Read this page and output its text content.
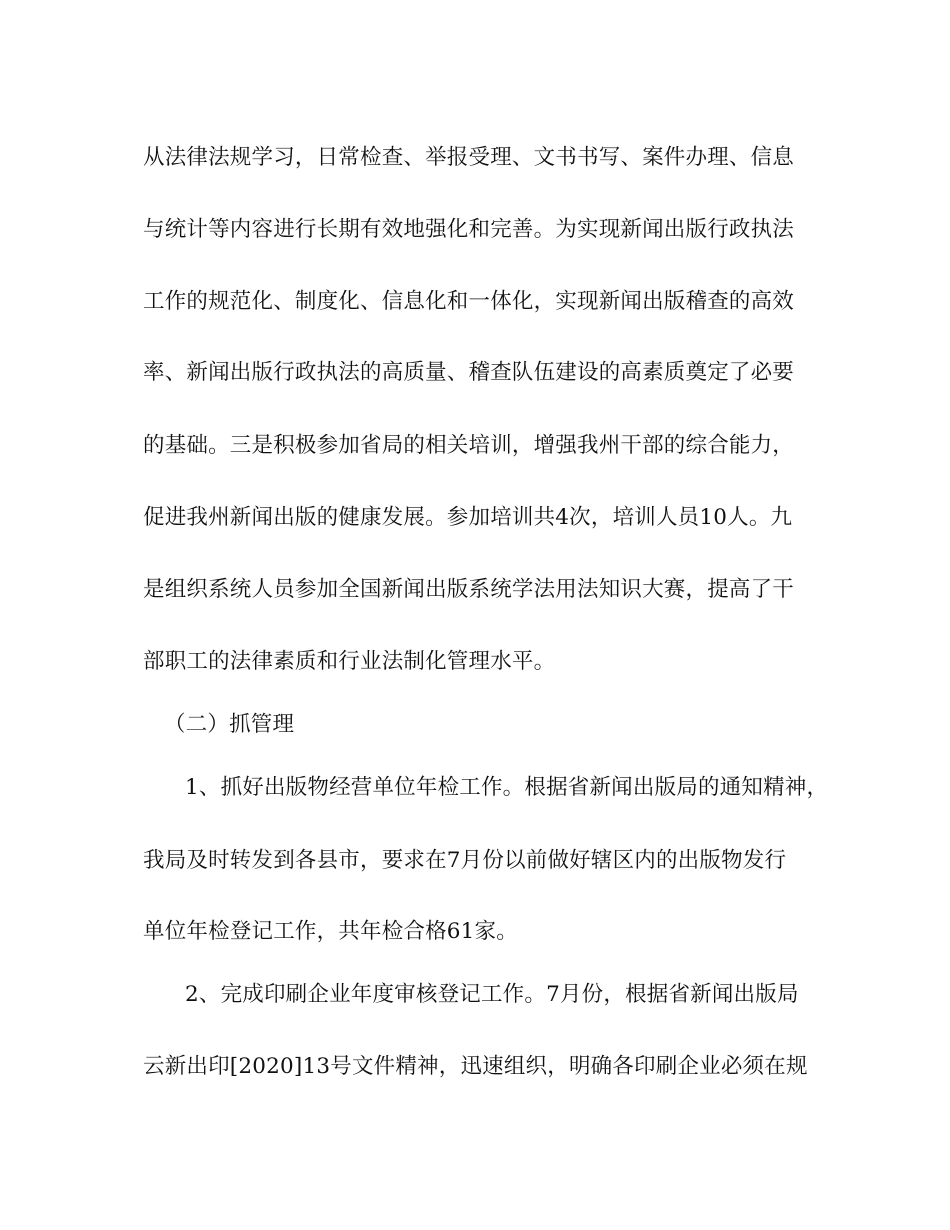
从法律法规学习，日常检查、举报受理、文书书写、案件办理、信息
与统计等内容进行长期有效地强化和完善。为实现新闻出版行政执法
工作的规范化、制度化、信息化和一体化，实现新闻出版稽查的高效
率、新闻出版行政执法的高质量、稽查队伍建设的高素质奠定了必要
的基础。三是积极参加省局的相关培训，增强我州干部的综合能力，
促进我州新闻出版的健康发展。参加培训共4次，培训人员10人。九
是组织系统人员参加全国新闻出版系统学法用法知识大赛，提高了干
部职工的法律素质和行业法制化管理水平。
（二）抓管理
1、抓好出版物经营单位年检工作。根据省新闻出版局的通知精神，
我局及时转发到各县市，要求在7月份以前做好辖区内的出版物发行
单位年检登记工作，共年检合格61家。
2、完成印刷企业年度审核登记工作。7月份，根据省新闻出版局
云新出印[2020]13号文件精神，迅速组织，明确各印刷企业必须在规
